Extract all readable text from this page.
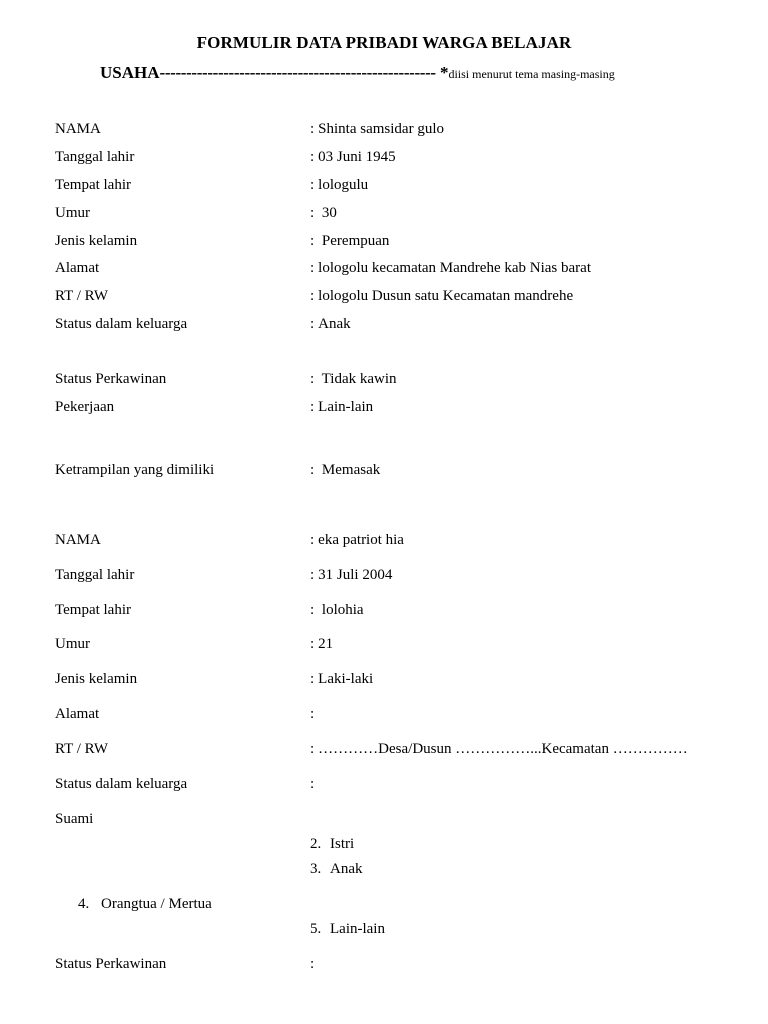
FORMULIR DATA PRIBADI WARGA BELAJAR
USAHA---------------------------------------------------- *diisi menurut tema masing-masing
NAMA	: Shinta samsidar gulo
Tanggal lahir	: 03 Juni 1945
Tempat lahir	: lologulu
Umur	: 30
Jenis kelamin	: Perempuan
Alamat	: lologolu kecamatan Mandrehe kab Nias barat
RT / RW	: lologolu Dusun satu Kecamatan mandrehe
Status dalam keluarga	: Anak
Status Perkawinan	: Tidak kawin
Pekerjaan	: Lain-lain
Ketrampilan yang dimiliki	: Memasak
NAMA	: eka patriot hia
Tanggal lahir	: 31 Juli 2004
Tempat lahir	: lolohia
Umur	: 21
Jenis kelamin	: Laki-laki
Alamat	:
RT / RW	: …………Desa/Dusun ……………...Kecamatan ……………
Status dalam keluarga	:
Suami
2. Istri
3. Anak
4. Orangtua / Mertua
5. Lain-lain
Status Perkawinan	:
